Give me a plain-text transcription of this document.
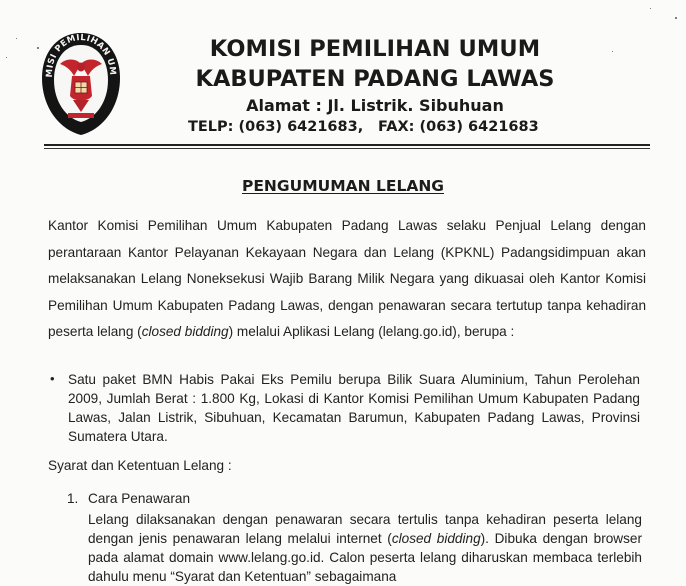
MISI PEMILIHAN UM
KOMISI PEMILIHAN UMUM
KABUPATEN PADANG LAWAS
Alamat : Jl. Listrik. Sibuhuan
TELP: (063) 6421683, FAX: (063) 6421683
PENGUMUMAN LELANG
Kantor Komisi Pemilihan Umum Kabupaten Padang Lawas selaku Penjual Lelang dengan perantaraan Kantor Pelayanan Kekayaan Negara dan Lelang (KPKNL) Padangsidimpuan akan melaksanakan Lelang Noneksekusi Wajib Barang Milik Negara yang dikuasai oleh Kantor Komisi Pemilihan Umum Kabupaten Padang Lawas, dengan penawaran secara tertutup tanpa kehadiran peserta lelang (closed bidding) melalui Aplikasi Lelang (lelang.go.id), berupa :
• Satu paket BMN Habis Pakai Eks Pemilu berupa Bilik Suara Aluminium, Tahun Perolehan 2009, Jumlah Berat : 1.800 Kg, Lokasi di Kantor Komisi Pemilihan Umum Kabupaten Padang Lawas, Jalan Listrik, Sibuhuan, Kecamatan Barumun, Kabupaten Padang Lawas, Provinsi Sumatera Utara.
Syarat dan Ketentuan Lelang :
1. Cara Penawaran
Lelang dilaksanakan dengan penawaran secara tertulis tanpa kehadiran peserta lelang dengan jenis penawaran lelang melalui internet (closed bidding). Dibuka dengan browser pada alamat domain www.lelang.go.id. Calon peserta lelang diharuskan membaca terlebih dahulu menu “Syarat dan Ketentuan” sebagaimana
